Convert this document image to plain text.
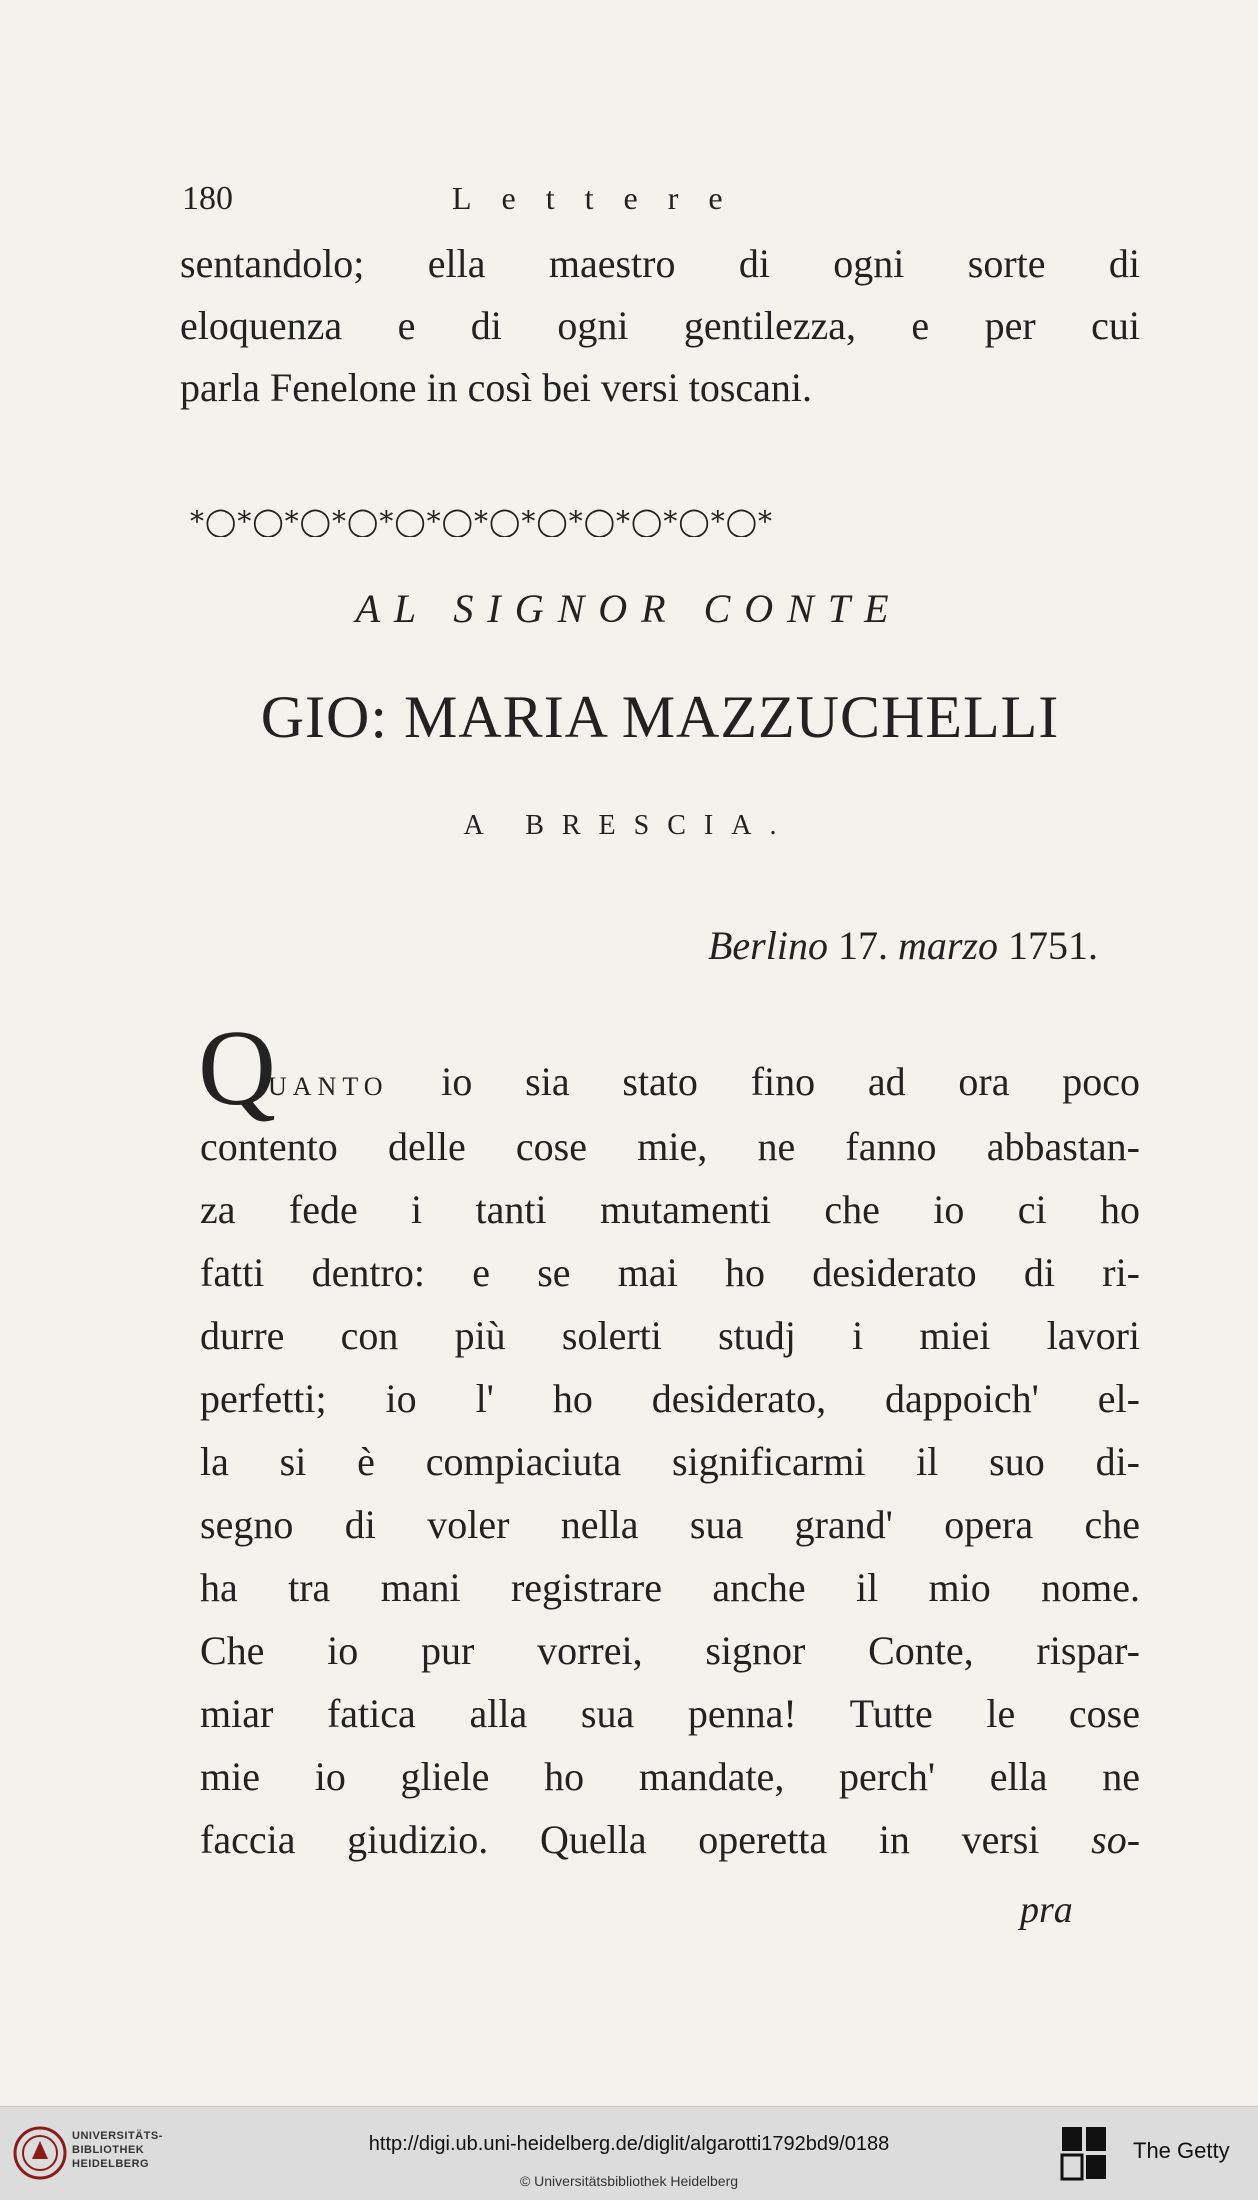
180	Lettere
sentandolo; ella maestro di ogni sorte di
eloquenza e di ogni gentilezza, e per cui
parla Fenelone in così bei versi toscani.
*◯*◯*◯*◯*◯*◯*◯*◯*◯*◯*◯*◯*
AL SIGNOR CONTE
GIO: MARIA MAZZUCHELLI
A BRESCIA.
Berlino 17. marzo 1751.
Q
UANTO io sia stato fino ad ora poco
contento delle cose mie, ne fanno abbastan-
za fede i tanti mutamenti che io ci ho
fatti dentro: e se mai ho desiderato di ri-
durre con più solerti studj i miei lavori
perfetti; io l' ho desiderato, dappoich' el-
la si è compiaciuta significarmi il suo di-
segno di voler nella sua grand' opera che
ha tra mani registrare anche il mio nome.
Che io pur vorrei, signor Conte, rispar-
miar fatica alla sua penna! Tutte le cose
mie io gliele ho mandate, perch' ella ne
faccia giudizio. Quella operetta in versi so-
pra
UNIVERSITÄTS-
BIBLIOTHEK
HEIDELBERG
http://digi.ub.uni-heidelberg.de/diglit/algarotti1792bd9/0188
© Universitätsbibliothek Heidelberg
The Getty
